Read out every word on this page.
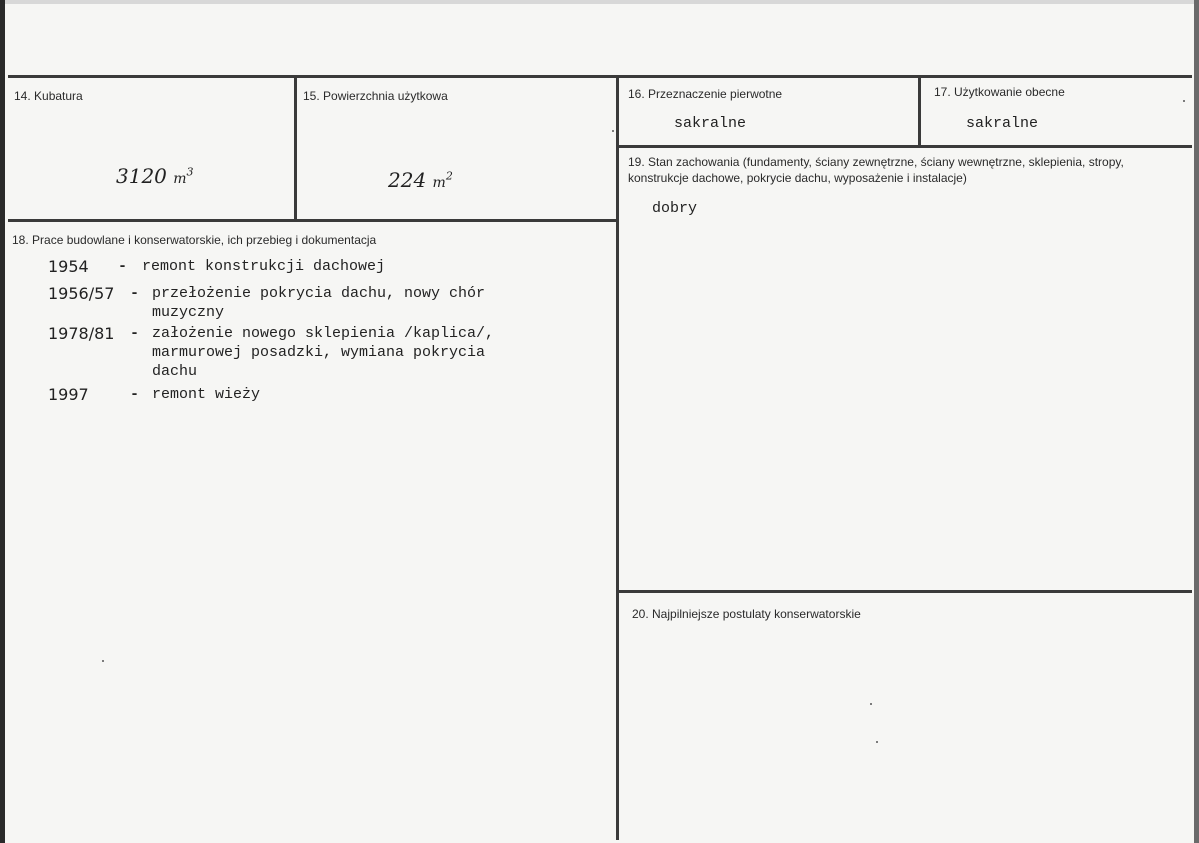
14. Kubatura
3120 $m^3$
15. Powierzchnia użytkowa
224 $m^2$
16. Przeznaczenie pierwotne
sakralne
17. Użytkowanie obecne
sakralne
18. Prace budowlane i konserwatorskie, ich przebieg i dokumentacja
1954 - remont konstrukcji dachowej
1956/57 - przełożenie pokrycia dachu, nowy chór
muzyczny
1978/81 - założenie nowego sklepienia /kaplica/,
marmurowej posadzki, wymiana pokrycia
dachu
1997	- remont wieży
19. Stan zachowania (fundamenty, ściany zewnętrzne, ściany wewnętrzne, sklepienia, stropy, konstrukcje dachowe, pokrycie dachu, wyposażenie i instalacje)
dobry
20. Najpilniejsze postulaty konserwatorskie
